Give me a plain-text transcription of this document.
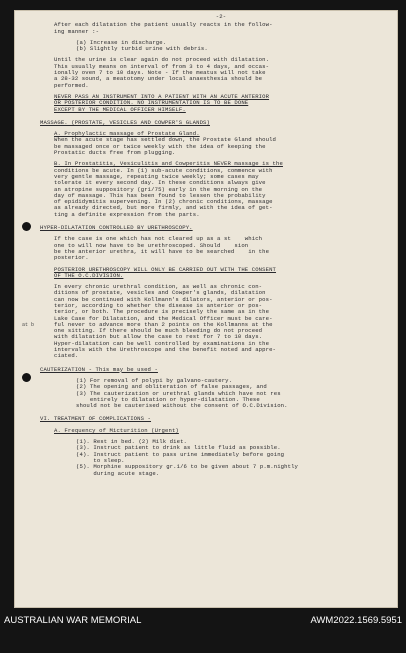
-2-
After each dilatation the patient usually reacts in the follow-
ing manner :-
(a) Increase in discharge.
(b) Slightly turbid urine with debris.
Until the urine is clear again do not proceed with dilatation.
This usually means on interval of from 3 to 4 days, and occas-
ionally oven 7 to 10 days. Note - If the meatus will not take
a 28-32 sound, a meatotomy under local anaesthesia should be
performed.
NEVER PASS AN INSTRUMENT INTO A PATIENT WITH AN ACUTE ANTERIOR
OR POSTERIOR CONDITION. NO INSTRUMENTATION IS TO BE DONE
EXCEPT BY THE MEDICAL OFFICER HIMSELF.
MASSAGE. (PROSTATE, VESICLES AND COWPER'S GLANDS)
A. Prophylactic massage of Prostate Gland.
When the acute stage has settled down, the Prostate Gland should
be massaged once or twice weekly with the idea of keeping the
Prostatic ducts free from plugging.
B. In Prostatitis, Vesiculitis and Cowperitis NEVER massage is the
conditions be acute. In (1) sub-acute conditions, commence with
very gentle massage, repeating twice weekly; some cases may
tolerate it every second day. In these conditions always give
an atropine suppository (gr1/75) early in the morning on the
day of massage. This has been found to lessen the probability
of epididymitis supervening. In (2) chronic conditions, massage
as already directed, but more firmly, and with the idea of get-
ting a definite expression from the parts.
HYPER-DILATATION CONTROLLED BY URETHROSCOPY.
If the case is one which has not cleared up as a st    which
one to will now have to be urethroscoped. Should    sion
be the anterior urethra, it will have to be searched    in the
posterior.
POSTERIOR URETHROSCOPY WILL ONLY BE CARRIED OUT WITH THE CONSENT
OF THE O.C.DIVISION.
In every chronic urethral condition, as well as chronic con-
ditions of prostate, vesicles and Cowper's glands, dilatation
can now be continued with Kollmann's dilators, anterior or pos-
terior, according to whether the disease is anterior or pos-
terior, or both. The procedure is precisely the same as in the
Lake Case for Dilatation, and the Medical Officer must be care-
ful never to advance more than 2 points on the Kollmanns at the
one sitting. If there should be much bleeding do not proceed
with dilatation but allow the case to rest for 7 to 10 days.
Hyper-dilatation can be well controlled by examinations in the
intervals with the Urethroscope and the benefit noted and appre-
ciated.
CAUTERIZATION - This may be used -
(1) For removal of polypi by galvano-cautery.
(2) The opening and obliteration of false passages, and
(3) The cauterization or urethral glands which have not res
entirely to dilatation or hyper-dilatation. These
should not be cauterised without the consent of O.C.Division.
VI. TREATMENT OF COMPLICATIONS -
A. Frequency of Micturition (Urgent)
(1). Rest in bed. (2) Milk diet.
(3). Instruct patient to drink as little fluid as possible.
(4). Instruct patient to pass urine immediately before going
to sleep.
(5). Morphine suppository gr.1/6 to be given about 7 p.m.nightly
during acute stage.
at b
AUSTRALIAN WAR MEMORIAL	AWM2022.1569.5951
